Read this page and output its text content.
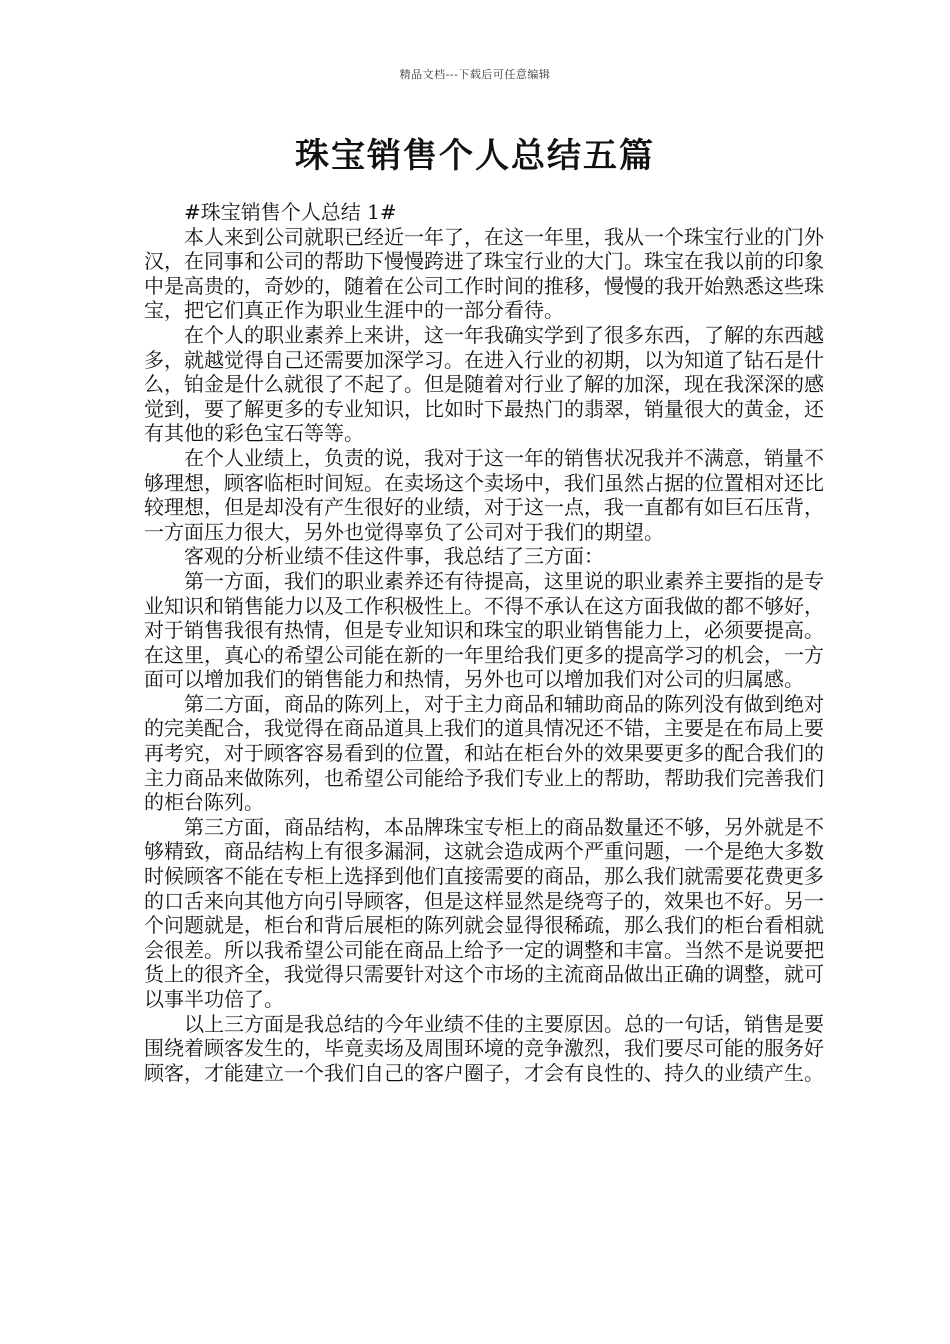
精品文档---下载后可任意编辑
珠宝销售个人总结五篇

#珠宝销售个人总结 1#

本人来到公司就职已经近一年了，在这一年里，我从一个珠宝行业的门外汉，在同事和公司的帮助下慢慢跨进了珠宝行业的大门。珠宝在我以前的印象中是高贵的，奇妙的，随着在公司工作时间的推移，慢慢的我开始熟悉这些珠宝，把它们真正作为职业生涯中的一部分看待。

在个人的职业素养上来讲，这一年我确实学到了很多东西，了解的东西越多，就越觉得自己还需要加深学习。在进入行业的初期，以为知道了钻石是什么，铂金是什么就很了不起了。但是随着对行业了解的加深，现在我深深的感觉到，要了解更多的专业知识，比如时下最热门的翡翠，销量很大的黄金，还有其他的彩色宝石等等。

在个人业绩上，负责的说，我对于这一年的销售状况我并不满意，销量不够理想，顾客临柜时间短。在卖场这个卖场中，我们虽然占据的位置相对还比较理想，但是却没有产生很好的业绩，对于这一点，我一直都有如巨石压背，一方面压力很大，另外也觉得辜负了公司对于我们的期望。

客观的分析业绩不佳这件事，我总结了三方面：

第一方面，我们的职业素养还有待提高，这里说的职业素养主要指的是专业知识和销售能力以及工作积极性上。不得不承认在这方面我做的都不够好，对于销售我很有热情，但是专业知识和珠宝的职业销售能力上，必须要提高。在这里，真心的希望公司能在新的一年里给我们更多的提高学习的机会，一方面可以增加我们的销售能力和热情，另外也可以增加我们对公司的归属感。

第二方面，商品的陈列上，对于主力商品和辅助商品的陈列没有做到绝对的完美配合，我觉得在商品道具上我们的道具情况还不错，主要是在布局上要再考究，对于顾客容易看到的位置，和站在柜台外的效果要更多的配合我们的主力商品来做陈列，也希望公司能给予我们专业上的帮助，帮助我们完善我们的柜台陈列。

第三方面，商品结构，本品牌珠宝专柜上的商品数量还不够，另外就是不够精致，商品结构上有很多漏洞，这就会造成两个严重问题，一个是绝大多数时候顾客不能在专柜上选择到他们直接需要的商品，那么我们就需要花费更多的口舌来向其他方向引导顾客，但是这样显然是绕弯子的，效果也不好。另一个问题就是，柜台和背后展柜的陈列就会显得很稀疏，那么我们的柜台看相就会很差。所以我希望公司能在商品上给予一定的调整和丰富。当然不是说要把货上的很齐全，我觉得只需要针对这个市场的主流商品做出正确的调整，就可以事半功倍了。

以上三方面是我总结的今年业绩不佳的主要原因。总的一句话，销售是要围绕着顾客发生的，毕竟卖场及周围环境的竞争激烈，我们要尽可能的服务好顾客，才能建立一个我们自己的客户圈子，才会有良性的、持久的业绩产生。
